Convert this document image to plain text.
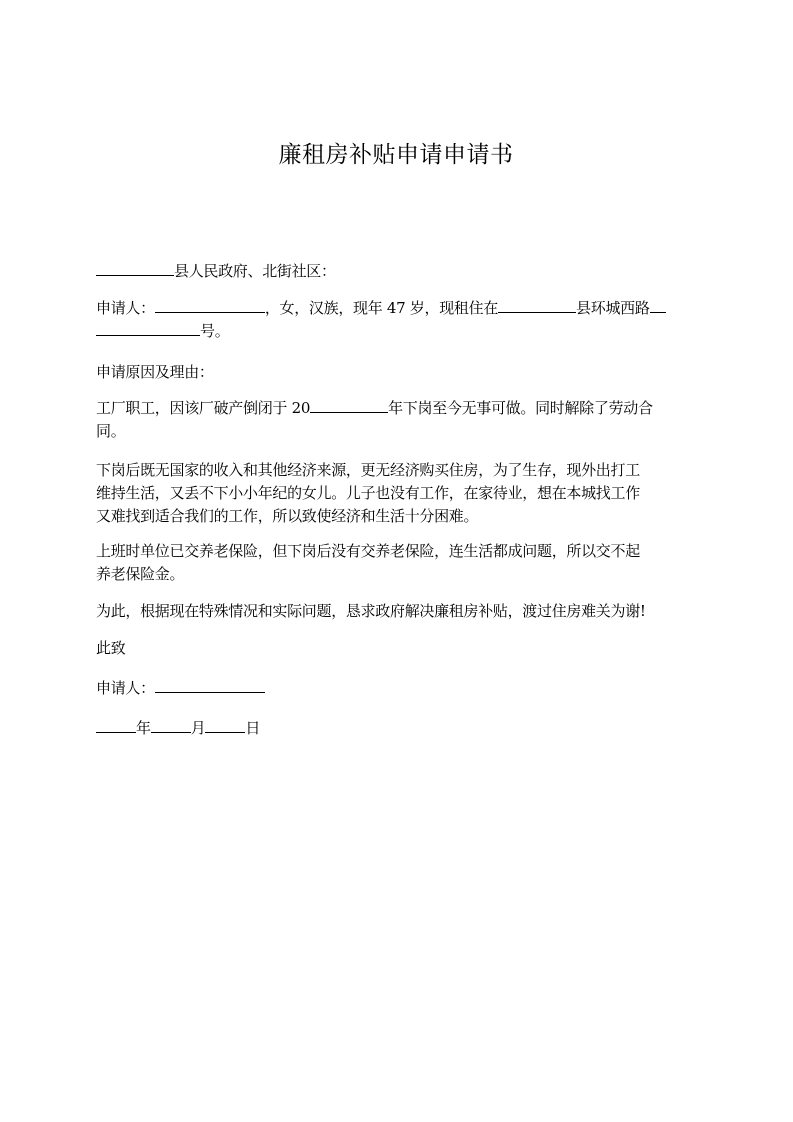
廉租房补贴申请申请书
县人民政府、北街社区：
申请人：	，女，汉族，现年 47 岁，现租住在	县环城西路
号。
申请原因及理由：
工厂职工，因该厂破产倒闭于 20	年下岗至今无事可做。同时解除了劳动合
同。
下岗后既无国家的收入和其他经济来源，更无经济购买住房，为了生存，现外出打工
维持生活，又丢不下小小年纪的女儿。儿子也没有工作，在家待业，想在本城找工作
又难找到适合我们的工作，所以致使经济和生活十分困难。
上班时单位已交养老保险，但下岗后没有交养老保险，连生活都成问题，所以交不起
养老保险金。
为此，根据现在特殊情况和实际问题，恳求政府解决廉租房补贴，渡过住房难关为谢!
此致
申请人：
年	月	日
